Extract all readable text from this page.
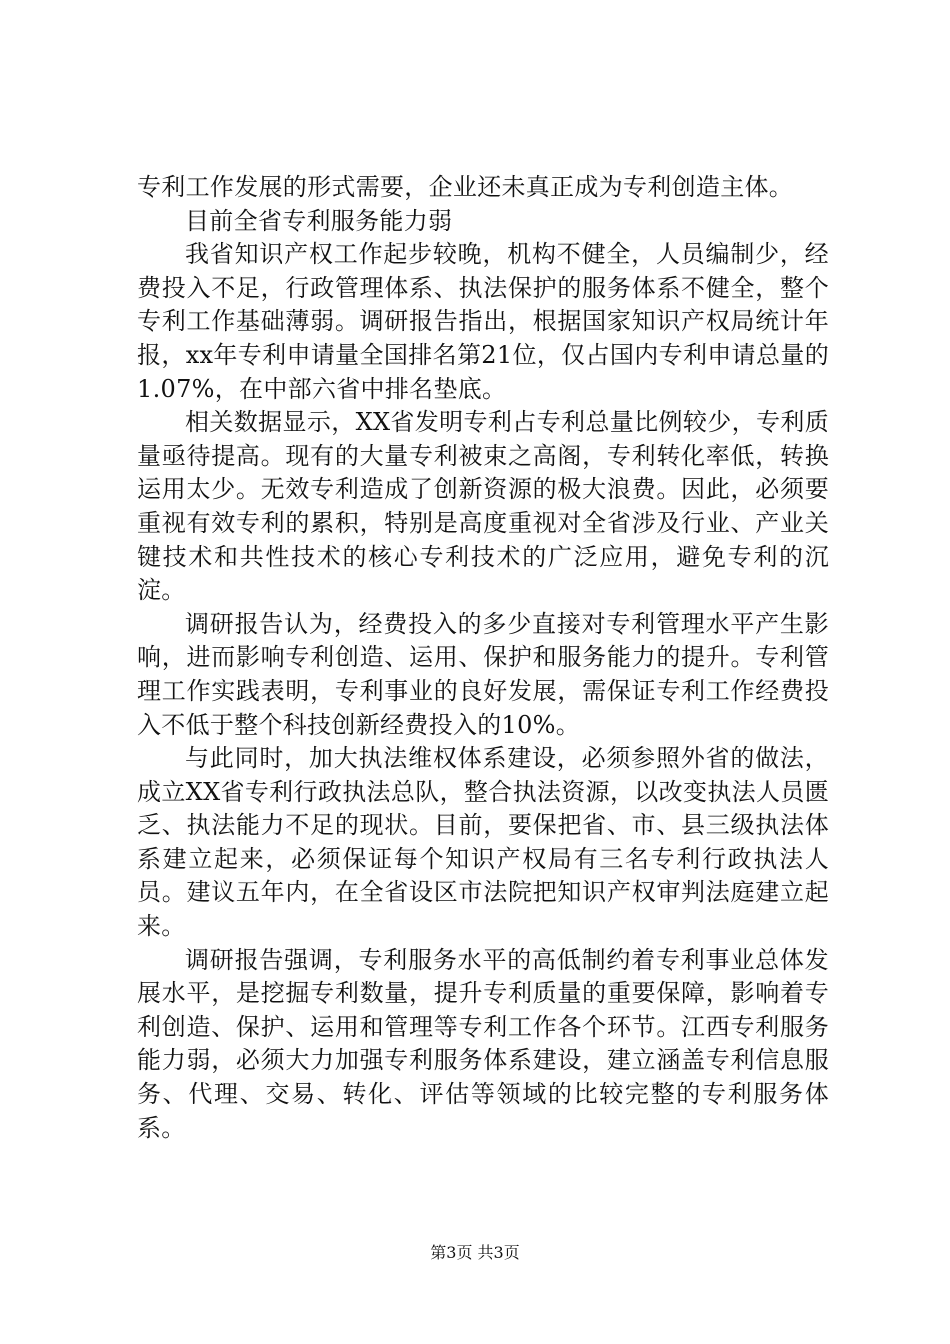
专利工作发展的形式需要，企业还未真正成为专利创造主体。

目前全省专利服务能力弱

我省知识产权工作起步较晚，机构不健全，人员编制少，经费投入不足，行政管理体系、执法保护的服务体系不健全，整个专利工作基础薄弱。调研报告指出，根据国家知识产权局统计年报，xx年专利申请量全国排名第21位，仅占国内专利申请总量的1.07%，在中部六省中排名垫底。

相关数据显示，XX省发明专利占专利总量比例较少，专利质量亟待提高。现有的大量专利被束之高阁，专利转化率低，转换运用太少。无效专利造成了创新资源的极大浪费。因此，必须要重视有效专利的累积，特别是高度重视对全省涉及行业、产业关键技术和共性技术的核心专利技术的广泛应用，避免专利的沉淀。

调研报告认为，经费投入的多少直接对专利管理水平产生影响，进而影响专利创造、运用、保护和服务能力的提升。专利管理工作实践表明，专利事业的良好发展，需保证专利工作经费投入不低于整个科技创新经费投入的10%。

与此同时，加大执法维权体系建设，必须参照外省的做法，成立XX省专利行政执法总队，整合执法资源，以改变执法人员匮乏、执法能力不足的现状。目前，要保把省、市、县三级执法体系建立起来，必须保证每个知识产权局有三名专利行政执法人员。建议五年内，在全省设区市法院把知识产权审判法庭建立起来。

调研报告强调，专利服务水平的高低制约着专利事业总体发展水平，是挖掘专利数量，提升专利质量的重要保障，影响着专利创造、保护、运用和管理等专利工作各个环节。江西专利服务能力弱，必须大力加强专利服务体系建设，建立涵盖专利信息服务、代理、交易、转化、评估等领域的比较完整的专利服务体系。

第3页 共3页
